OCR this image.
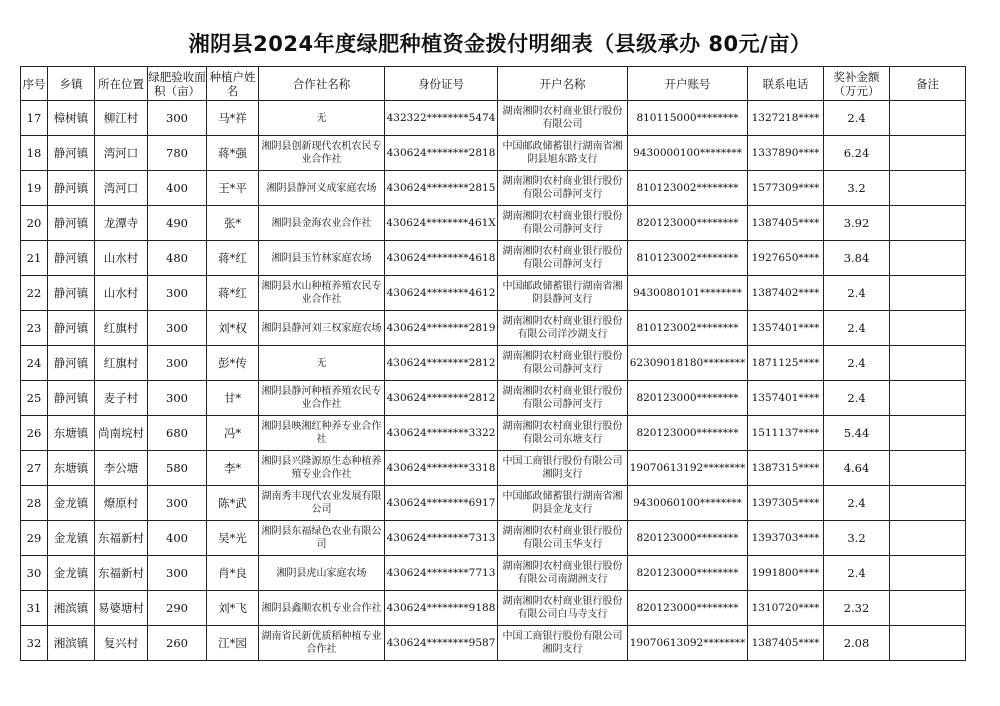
湘阴县2024年度绿肥种植资金拨付明细表（县级承办 80元/亩）
序号	乡镇	所在位置	绿肥验收面积（亩）	种植户姓名	合作社名称	身份证号	开户名称	开户账号	联系电话	奖补金额（万元）	备注
17	樟树镇	柳江村	300	马*祥	无	432322********5474	湖南湘阴农村商业银行股份有限公司	810115000********	1327218****	2.4	
18	静河镇	湾河口	780	蒋*强	湘阴县创新现代农机农民专业合作社	430624********2818	中国邮政储蓄银行湖南省湘阴县旭东路支行	9430000100********	1337890****	6.24	
19	静河镇	湾河口	400	王*平	湘阴县静河义成家庭农场	430624********2815	湖南湘阴农村商业银行股份有限公司静河支行	810123002********	1577309****	3.2	
20	静河镇	龙潭寺	490	张*	湘阴县金海农业合作社	430624********461X	湖南湘阴农村商业银行股份有限公司静河支行	820123000********	1387405****	3.92	
21	静河镇	山水村	480	蒋*红	湘阴县玉竹林家庭农场	430624********4618	湖南湘阴农村商业银行股份有限公司静河支行	810123002********	1927650****	3.84	
22	静河镇	山水村	300	蒋*红	湘阴县水山种植养殖农民专业合作社	430624********4612	中国邮政储蓄银行湖南省湘阴县静河支行	9430080101********	1387402****	2.4	
23	静河镇	红旗村	300	刘*权	湘阴县静河刘三权家庭农场	430624********2819	湖南湘阴农村商业银行股份有限公司洋沙湖支行	810123002********	1357401****	2.4	
24	静河镇	红旗村	300	彭*传	无	430624********2812	湖南湘阴农村商业银行股份有限公司静河支行	62309018180********	1871125****	2.4	
25	静河镇	麦子村	300	甘*	湘阴县静河种植养殖农民专业合作社	430624********2812	湖南湘阴农村商业银行股份有限公司静河支行	820123000********	1357401****	2.4	
26	东塘镇	尚南垸村	680	冯*	湘阴县映湘红种养专业合作社	430624********3322	湖南湘阴农村商业银行股份有限公司东塘支行	820123000********	1511137****	5.44	
27	东塘镇	李公塘	580	李*	湘阴县兴隆源原生态种植养殖专业合作社	430624********3318	中国工商银行股份有限公司湘阴支行	19070613192********	1387315****	4.64	
28	金龙镇	燎原村	300	陈*武	湖南秀丰现代农业发展有限公司	430624********6917	中国邮政储蓄银行湖南省湘阴县金龙支行	9430060100********	1397305****	2.4	
29	金龙镇	东福新村	400	吴*光	湘阴县东福绿色农业有限公司	430624********7313	湖南湘阴农村商业银行股份有限公司玉华支行	820123000********	1393703****	3.2	
30	金龙镇	东福新村	300	肖*良	湘阴县虎山家庭农场	430624********7713	湖南湘阴农村商业银行股份有限公司南湖洲支行	820123000********	1991800****	2.4	
31	湘滨镇	易婆塘村	290	刘*飞	湘阴县鑫顺农机专业合作社	430624********9188	湖南湘阴农村商业银行股份有限公司白马寺支行	820123000********	1310720****	2.32	
32	湘滨镇	复兴村	260	江*园	湖南省民新优质稻种植专业合作社	430624********9587	中国工商银行股份有限公司湘阴支行	19070613092********	1387405****	2.08	
